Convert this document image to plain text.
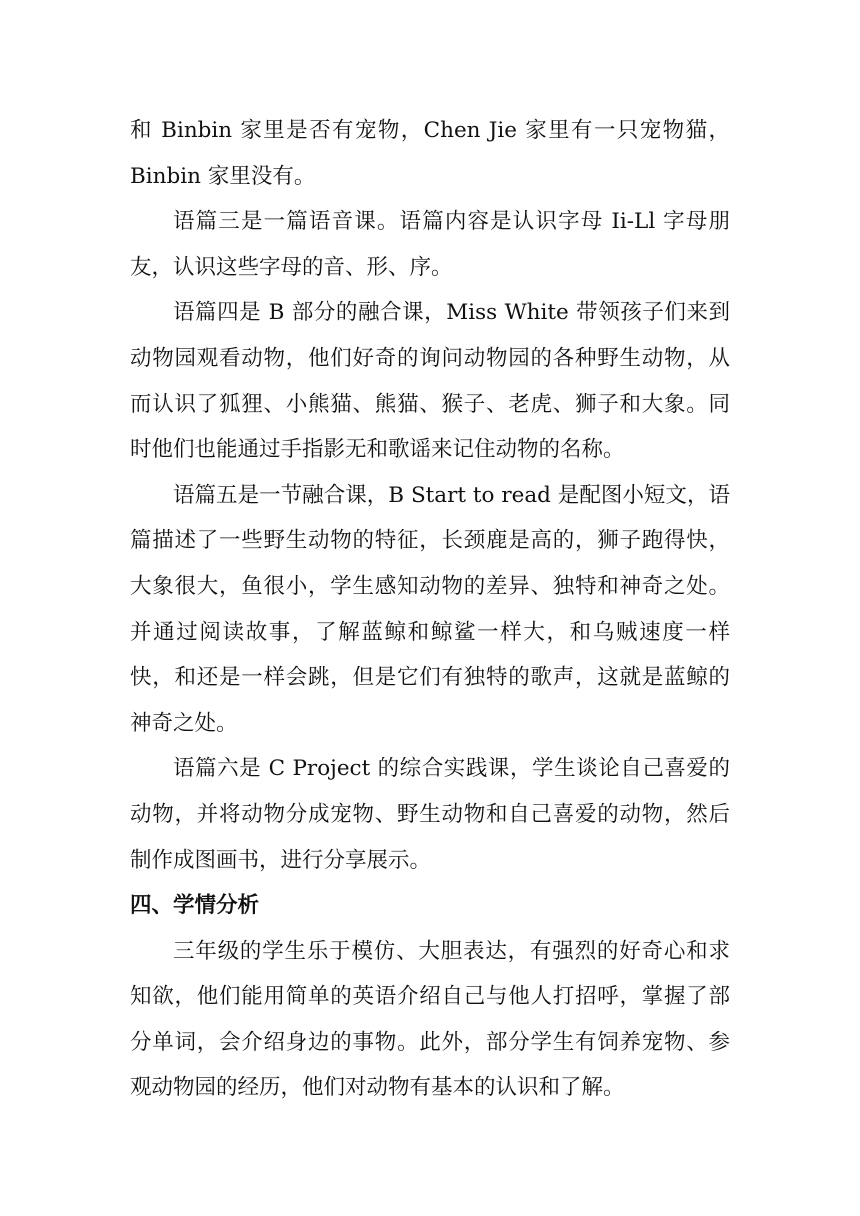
和 Binbin 家里是否有宠物，Chen Jie 家里有一只宠物猫，Binbin 家里没有。

语篇三是一篇语音课。语篇内容是认识字母 Ii-Ll 字母朋友，认识这些字母的音、形、序。

语篇四是 B 部分的融合课，Miss White 带领孩子们来到动物园观看动物，他们好奇的询问动物园的各种野生动物，从而认识了狐狸、小熊猫、熊猫、猴子、老虎、狮子和大象。同时他们也能通过手指影无和歌谣来记住动物的名称。

语篇五是一节融合课，B Start to read 是配图小短文，语篇描述了一些野生动物的特征，长颈鹿是高的，狮子跑得快，大象很大，鱼很小，学生感知动物的差异、独特和神奇之处。并通过阅读故事，了解蓝鲸和鲸鲨一样大，和乌贼速度一样快，和还是一样会跳，但是它们有独特的歌声，这就是蓝鲸的神奇之处。

语篇六是 C Project 的综合实践课，学生谈论自己喜爱的动物，并将动物分成宠物、野生动物和自己喜爱的动物，然后制作成图画书，进行分享展示。

四、学情分析

三年级的学生乐于模仿、大胆表达，有强烈的好奇心和求知欲，他们能用简单的英语介绍自己与他人打招呼，掌握了部分单词，会介绍身边的事物。此外，部分学生有饲养宠物、参观动物园的经历，他们对动物有基本的认识和了解。
